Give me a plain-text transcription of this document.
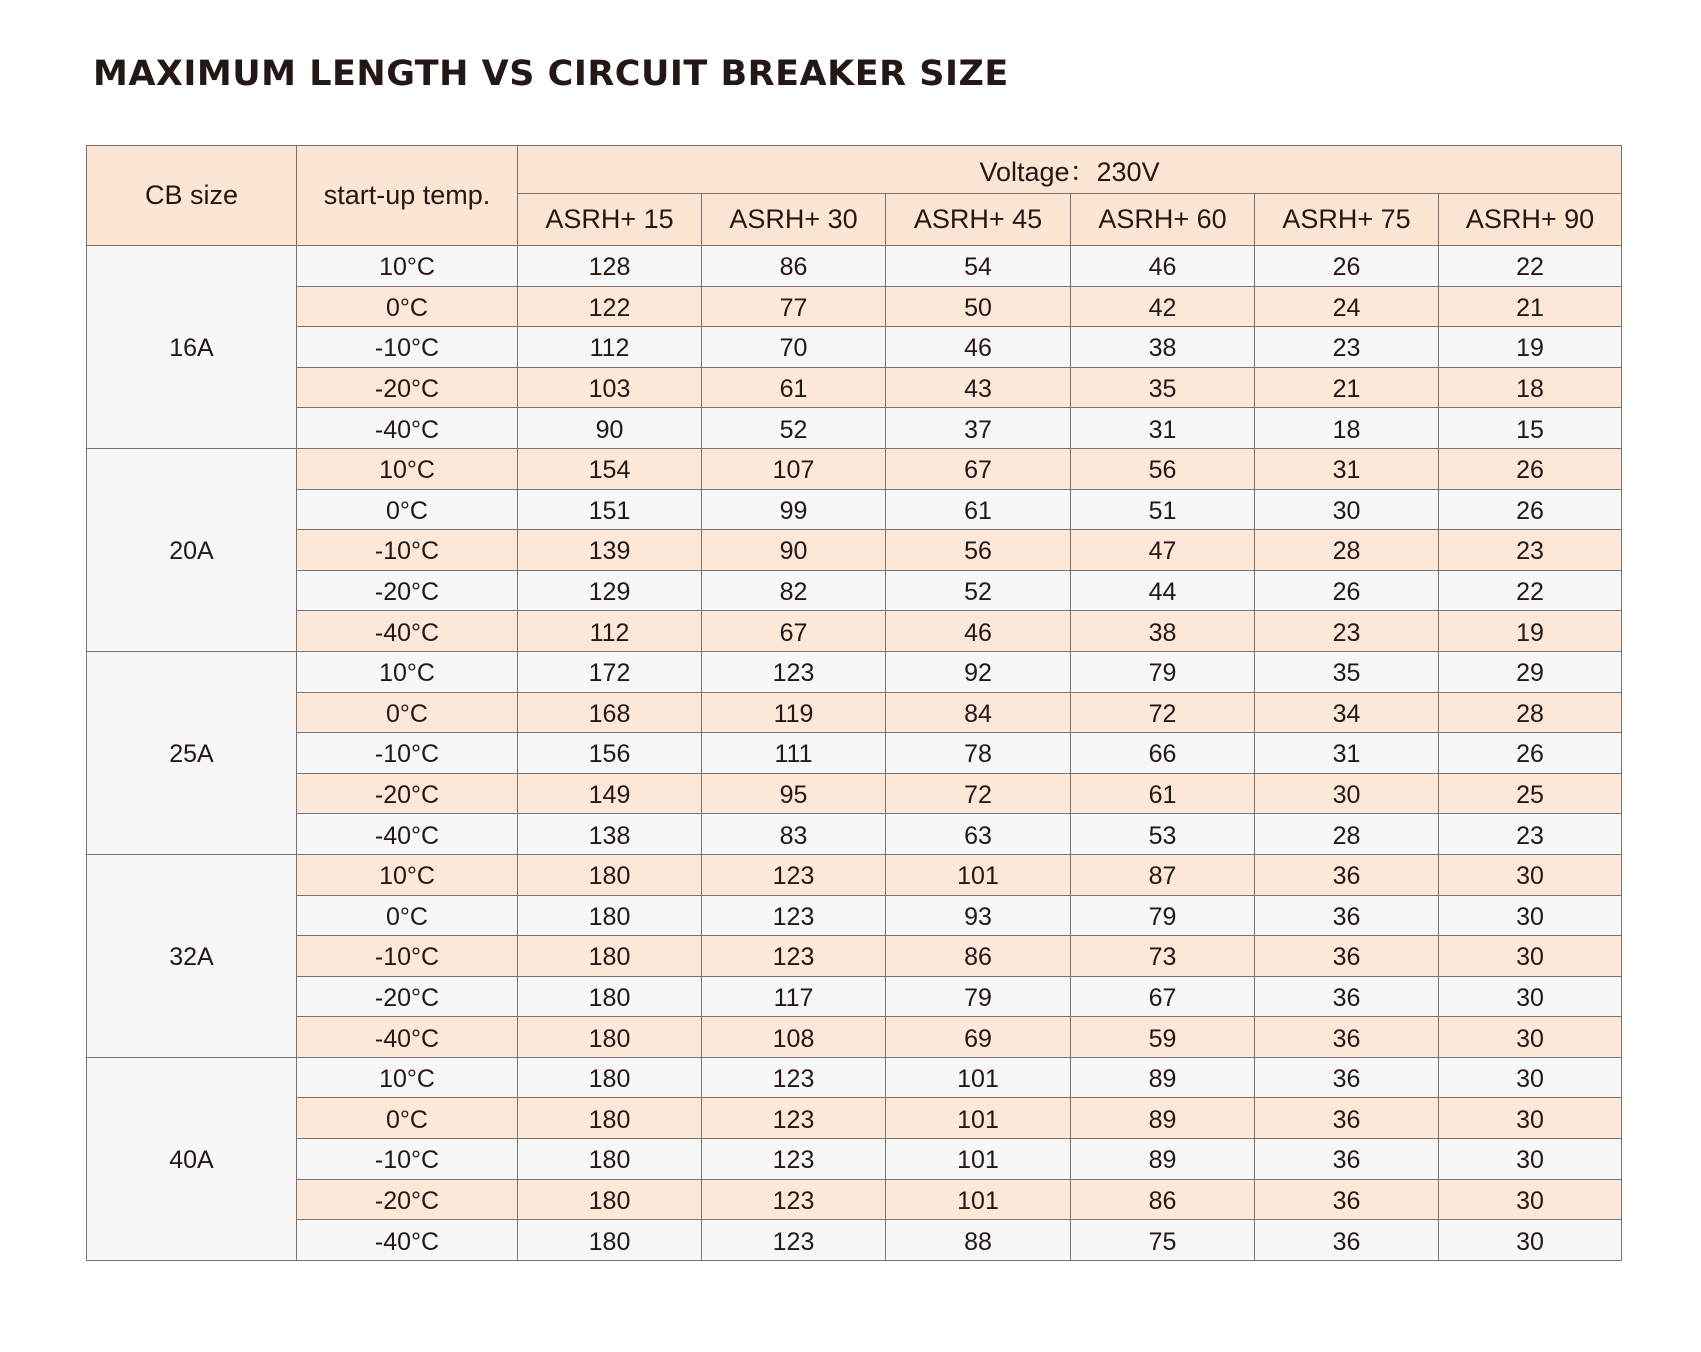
MAXIMUM LENGTH VS CIRCUIT BREAKER SIZE
CB size	start-up temp.	Voltage：230V					
		ASRH+ 15	ASRH+ 30	ASRH+ 45	ASRH+ 60	ASRH+ 75	ASRH+ 90
16A	10°C	128	86	54	46	26	22
	0°C	122	77	50	42	24	21
	-10°C	112	70	46	38	23	19
	-20°C	103	61	43	35	21	18
	-40°C	90	52	37	31	18	15
20A	10°C	154	107	67	56	31	26
	0°C	151	99	61	51	30	26
	-10°C	139	90	56	47	28	23
	-20°C	129	82	52	44	26	22
	-40°C	112	67	46	38	23	19
25A	10°C	172	123	92	79	35	29
	0°C	168	119	84	72	34	28
	-10°C	156	111	78	66	31	26
	-20°C	149	95	72	61	30	25
	-40°C	138	83	63	53	28	23
32A	10°C	180	123	101	87	36	30
	0°C	180	123	93	79	36	30
	-10°C	180	123	86	73	36	30
	-20°C	180	117	79	67	36	30
	-40°C	180	108	69	59	36	30
40A	10°C	180	123	101	89	36	30
	0°C	180	123	101	89	36	30
	-10°C	180	123	101	89	36	30
	-20°C	180	123	101	86	36	30
	-40°C	180	123	88	75	36	30
